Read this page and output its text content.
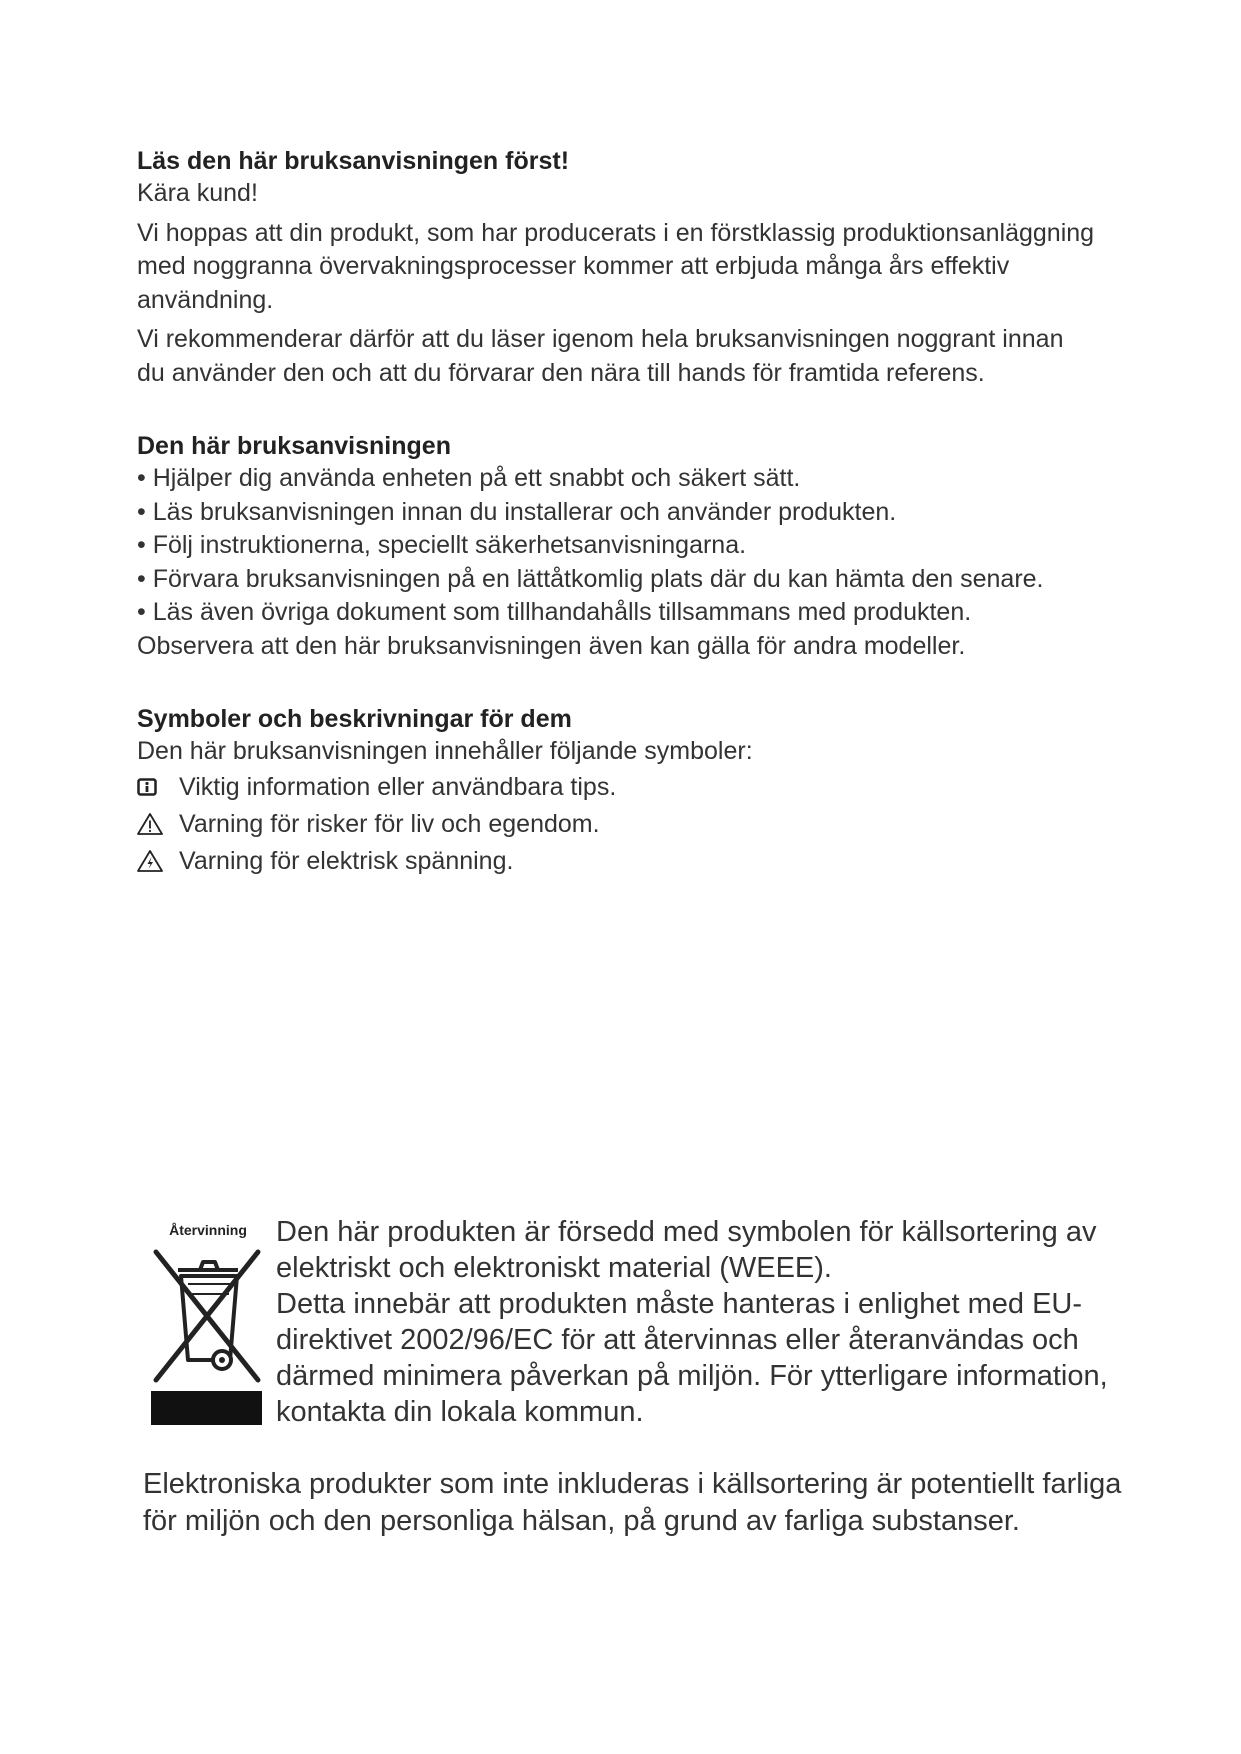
Läs den här bruksanvisningen först!

Kära kund!

Vi hoppas att din produkt, som har producerats i en förstklassig produktionsanläggning med noggranna övervakningsprocesser kommer att erbjuda många års effektiv användning.

Vi rekommenderar därför att du läser igenom hela bruksanvisningen noggrant innan du använder den och att du förvarar den nära till hands för framtida referens.

Den här bruksanvisningen

• Hjälper dig använda enheten på ett snabbt och säkert sätt.

• Läs bruksanvisningen innan du installerar och använder produkten.

• Följ instruktionerna, speciellt säkerhetsanvisningarna.

• Förvara bruksanvisningen på en lättåtkomlig plats där du kan hämta den senare.

• Läs även övriga dokument som tillhandahålls tillsammans med produkten.

Observera att den här bruksanvisningen även kan gälla för andra modeller.

Symboler och beskrivningar för dem

Den här bruksanvisningen innehåller följande symboler:

Viktig information eller användbara tips.
Varning för risker för liv och egendom.
Varning för elektrisk spänning.
Återvinning	Den här produkten är försedd med symbolen för källsortering av elektriskt och elektroniskt material (WEEE).

Detta innebär att produkten måste hanteras i enlighet med EU-direktivet 2002/96/EC för att återvinnas eller återanvändas och därmed minimera påverkan på miljön. För ytterligare information, kontakta din lokala kommun.

Elektroniska produkter som inte inkluderas i källsortering är potentiellt farliga för miljön och den personliga hälsan, på grund av farliga substanser.
